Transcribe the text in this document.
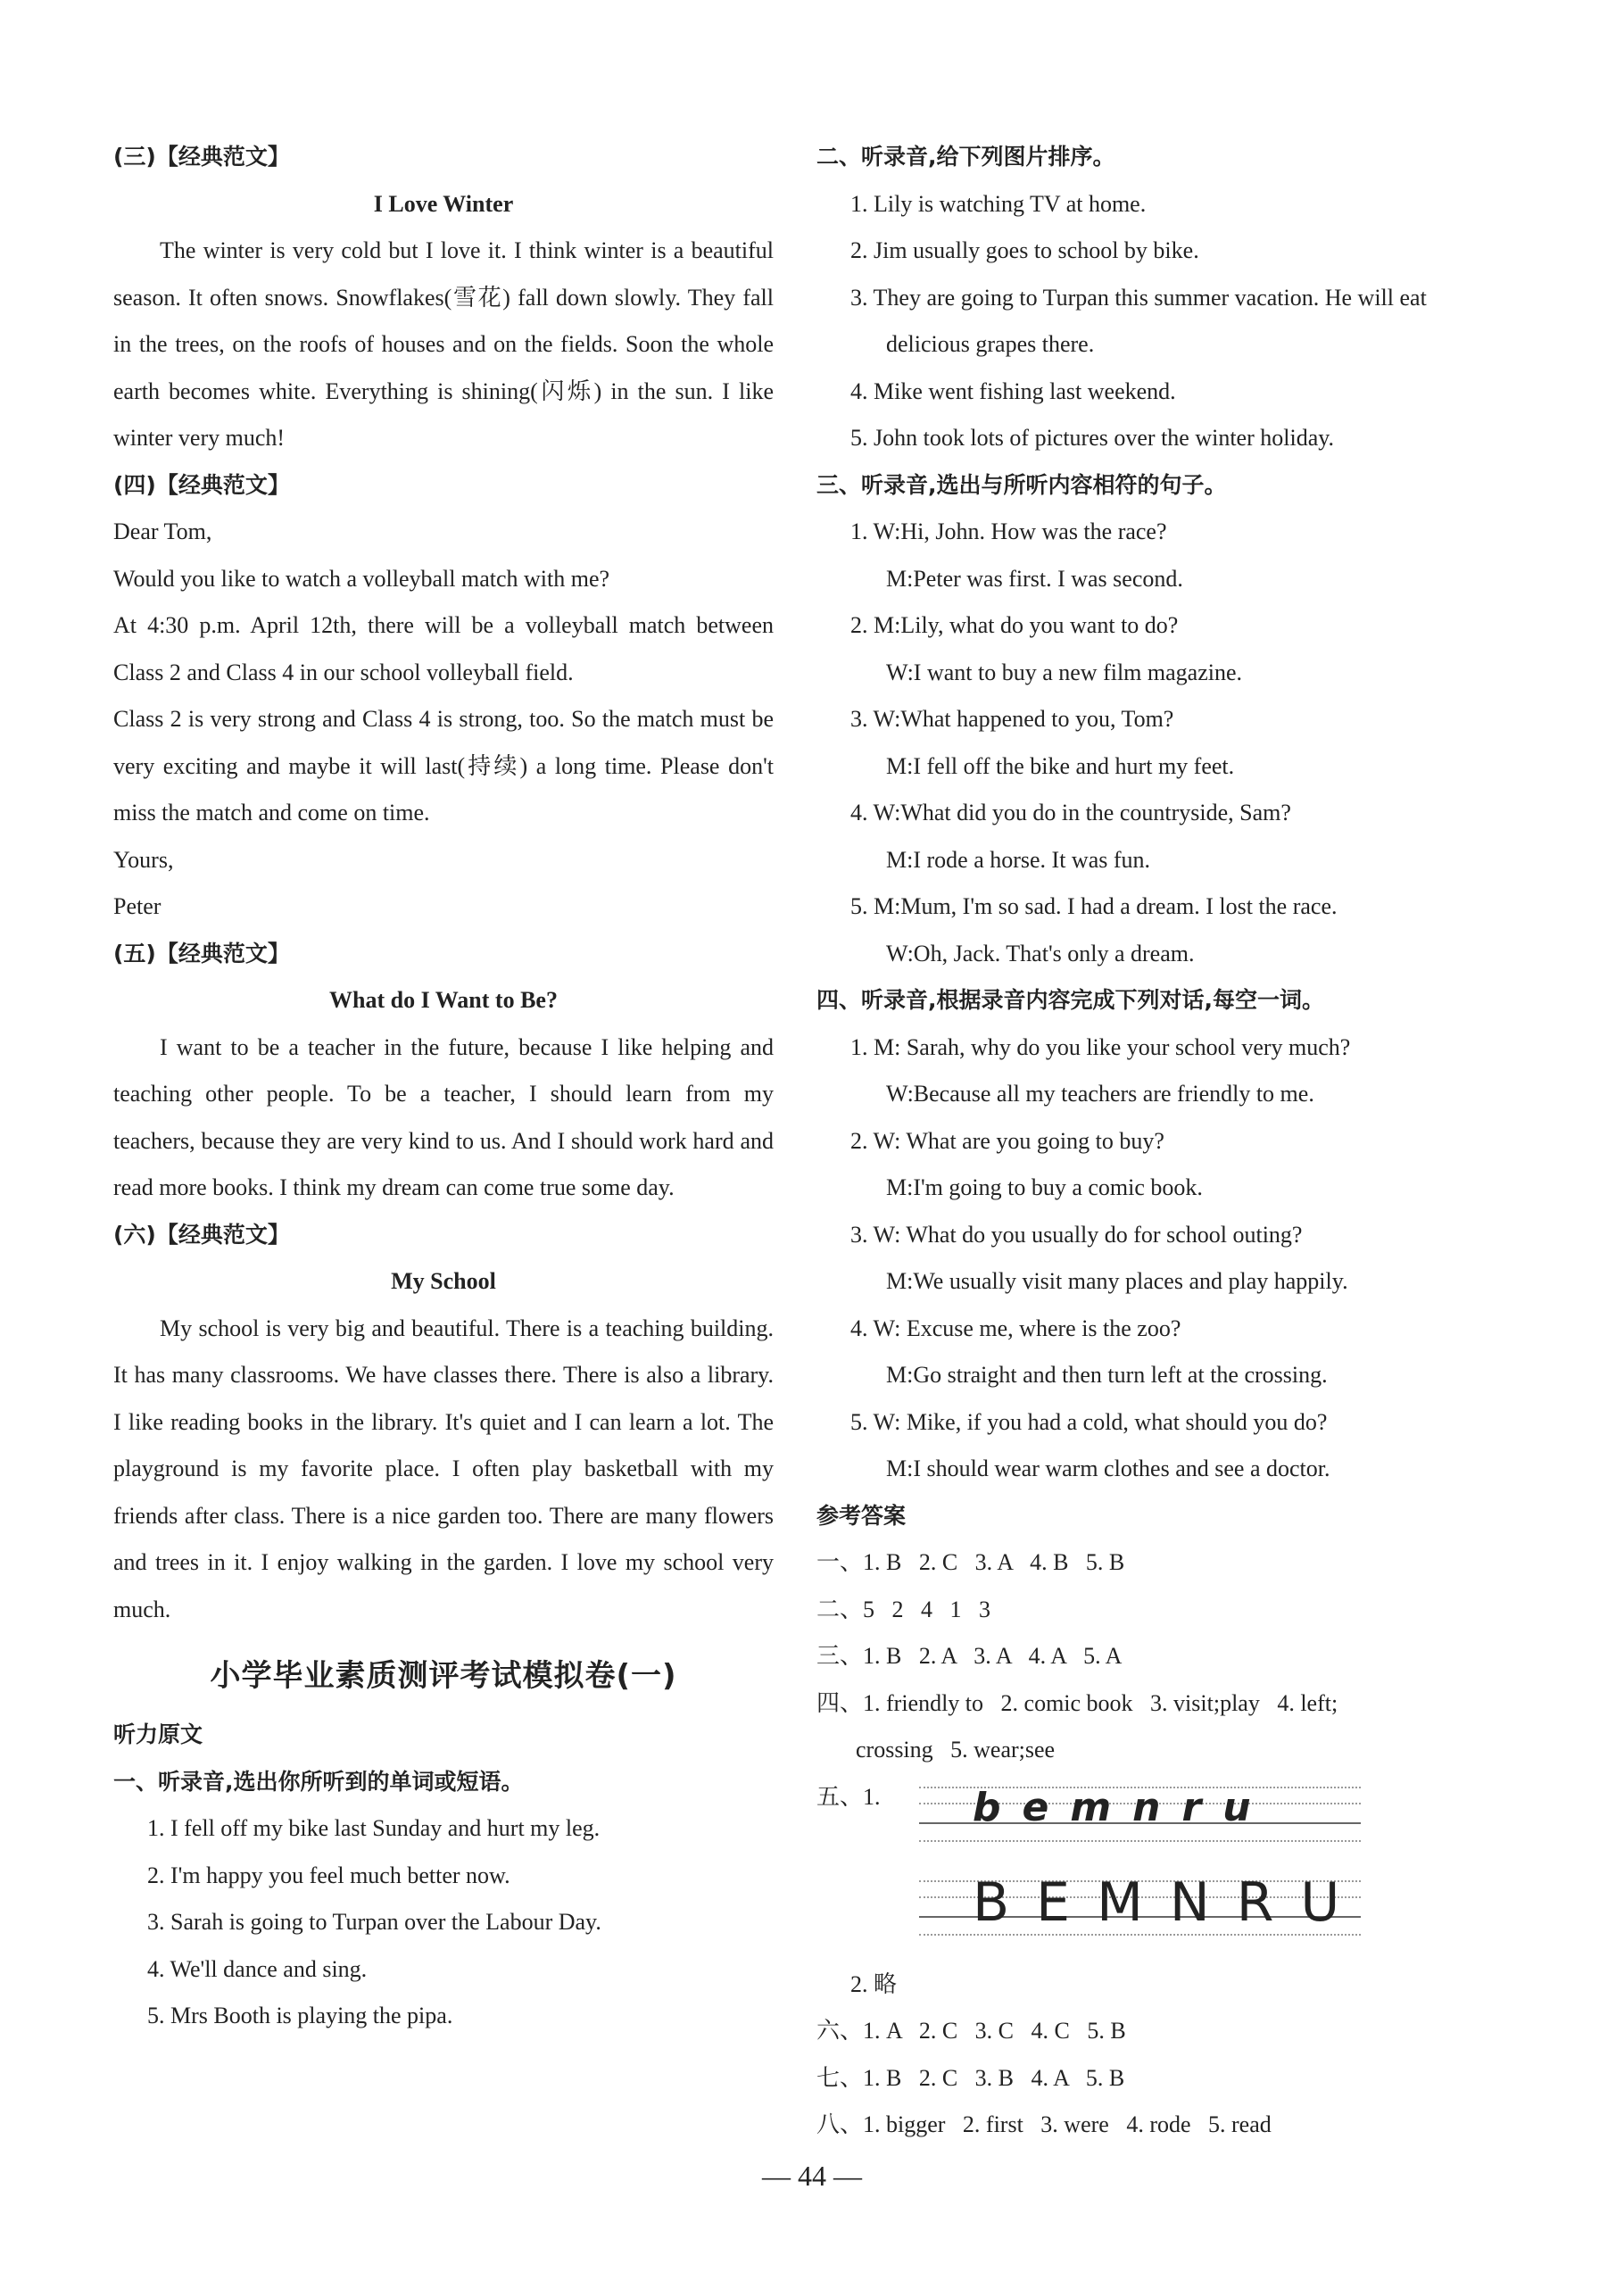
(三)【经典范文】

I Love Winter

The winter is very cold but I love it. I think winter is a beautiful season. It often snows. Snowflakes(雪花) fall down slowly. They fall in the trees, on the roofs of houses and on the fields. Soon the whole earth becomes white. Everything is shining(闪烁) in the sun. I like winter very much!

(四)【经典范文】

Dear Tom,

Would you like to watch a volleyball match with me?

At 4:30 p.m. April 12th, there will be a volleyball match between Class 2 and Class 4 in our school volleyball field.

Class 2 is very strong and Class 4 is strong, too. So the match must be very exciting and maybe it will last(持续) a long time. Please don't miss the match and come on time.

Yours,

Peter

(五)【经典范文】

What do I Want to Be?

I want to be a teacher in the future, because I like helping and teaching other people. To be a teacher, I should learn from my teachers, because they are very kind to us. And I should work hard and read more books. I think my dream can come true some day.

(六)【经典范文】

My School

My school is very big and beautiful. There is a teaching building. It has many classrooms. We have classes there. There is also a library. I like reading books in the library. It's quiet and I can learn a lot. The playground is my favorite place. I often play basketball with my friends after class. There is a nice garden too. There are many flowers and trees in it. I enjoy walking in the garden. I love my school very much.

小学毕业素质测评考试模拟卷(一)

听力原文

一、听录音,选出你所听到的单词或短语。

1. I fell off my bike last Sunday and hurt my leg.

2. I'm happy you feel much better now.

3. Sarah is going to Turpan over the Labour Day.

4. We'll dance and sing.

5. Mrs Booth is playing the pipa.

二、听录音,给下列图片排序。

1. Lily is watching TV at home.

2. Jim usually goes to school by bike.

3. They are going to Turpan this summer vacation. He will eat delicious grapes there.

4. Mike went fishing last weekend.

5. John took lots of pictures over the winter holiday.

三、听录音,选出与所听内容相符的句子。

1. W:Hi, John. How was the race?

M:Peter was first. I was second.

2. M:Lily, what do you want to do?

W:I want to buy a new film magazine.

3. W:What happened to you, Tom?

M:I fell off the bike and hurt my feet.

4. W:What did you do in the countryside, Sam?

M:I rode a horse. It was fun.

5. M:Mum, I'm so sad. I had a dream. I lost the race.

W:Oh, Jack. That's only a dream.

四、听录音,根据录音内容完成下列对话,每空一词。

1. M: Sarah, why do you like your school very much?

W:Because all my teachers are friendly to me.

2. W: What are you going to buy?

M:I'm going to buy a comic book.

3. W: What do you usually do for school outing?

M:We usually visit many places and play happily.

4. W: Excuse me, where is the zoo?

M:Go straight and then turn left at the crossing.

5. W: Mike, if you had a cold, what should you do?

M:I should wear warm clothes and see a doctor.

参考答案

一、1. B   2. C   3. A   4. B   5. B

二、5   2   4   1   3

三、1. B   2. A   3. A   4. A   5. A

四、1. friendly to   2. comic book   3. visit;play   4. left;

crossing   5. wear;see

五、1. bemnru
BEMNRU

2. 略

六、1. A   2. C   3. C   4. C   5. B

七、1. B   2. C   3. B   4. A   5. B

八、1. bigger   2. first   3. were   4. rode   5. read

— 44 —
